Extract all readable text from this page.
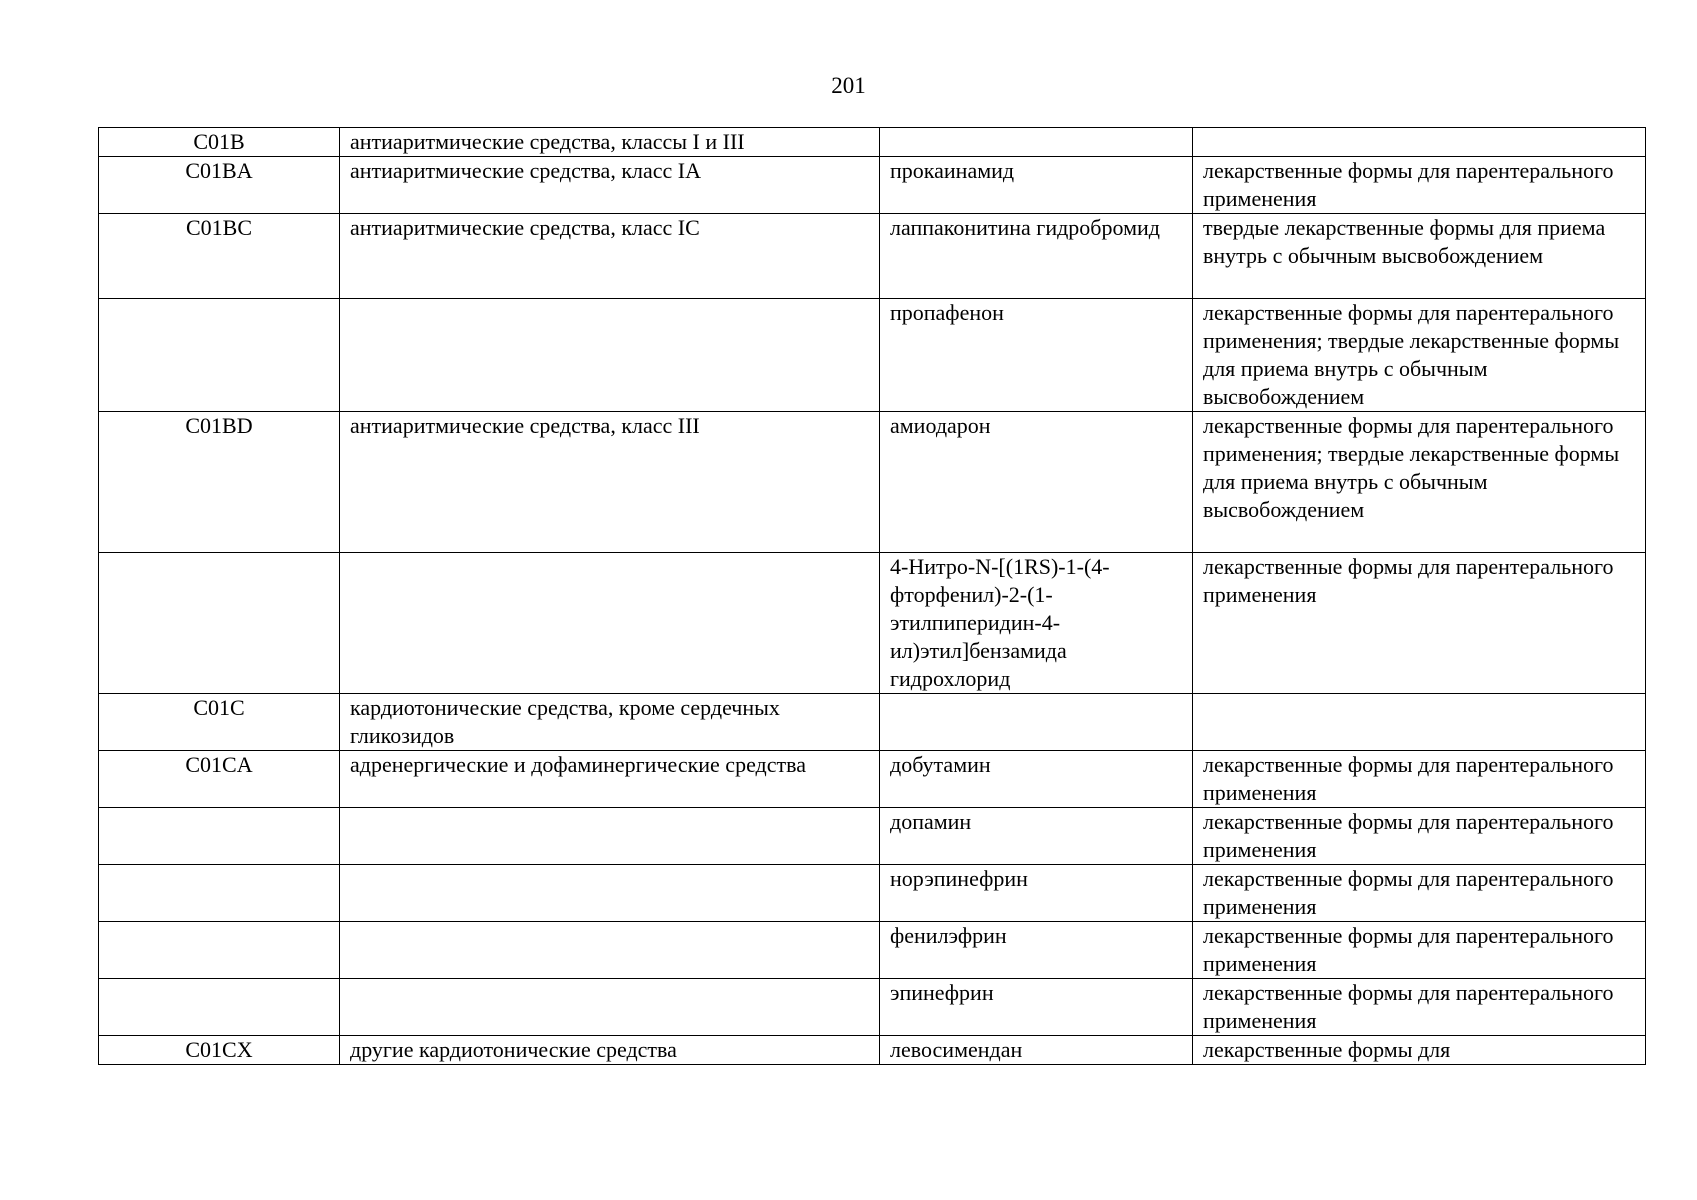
201
C01B	антиаритмические средства, классы I и III		
C01BA	антиаритмические средства, класс IA	прокаинамид	лекарственные формы для парентерального применения
C01BC	антиаритмические средства, класс IC	лаппаконитина гидробромид	твердые лекарственные формы для приема внутрь с обычным высвобождением
		пропафенон	лекарственные формы для парентерального применения; твердые лекарственные формы для приема внутрь с обычным высвобождением
C01BD	антиаритмические средства, класс III	амиодарон	лекарственные формы для парентерального применения; твердые лекарственные формы для приема внутрь с обычным высвобождением
		4-Нитро-N-[(1RS)-1-(4-фторфенил)-2-(1-этилпиперидин-4-ил)этил]бензамида гидрохлорид	лекарственные формы для парентерального применения
C01C	кардиотонические средства, кроме сердечных гликозидов		
C01CA	адренергические и дофаминергические средства	добутамин	лекарственные формы для парентерального применения
		допамин	лекарственные формы для парентерального применения
		норэпинефрин	лекарственные формы для парентерального применения
		фенилэфрин	лекарственные формы для парентерального применения
		эпинефрин	лекарственные формы для парентерального применения
C01CX	другие кардиотонические средства	левосимендан	лекарственные формы для
